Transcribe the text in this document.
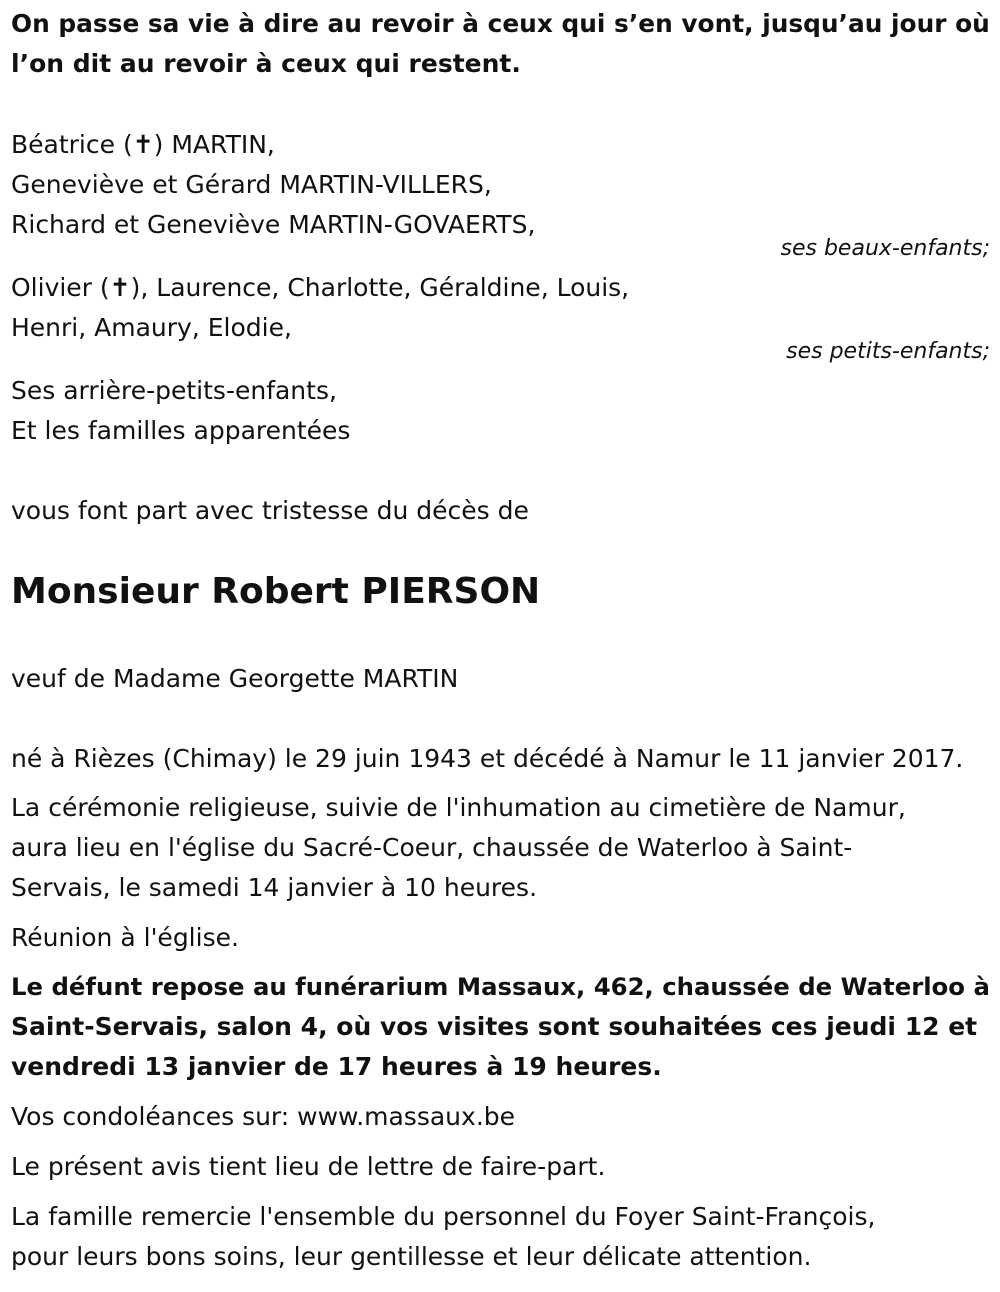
On passe sa vie à dire au revoir à ceux qui s’en vont, jusqu’au jour où
l’on dit au revoir à ceux qui restent.
Béatrice (✝) MARTIN,
Geneviève et Gérard MARTIN-VILLERS,
Richard et Geneviève MARTIN-GOVAERTS,
ses beaux-enfants;
Olivier (✝), Laurence, Charlotte, Géraldine, Louis,
Henri, Amaury, Elodie,
ses petits-enfants;
Ses arrière-petits-enfants,
Et les familles apparentées
vous font part avec tristesse du décès de
Monsieur Robert PIERSON
veuf de Madame Georgette MARTIN
né à Rièzes (Chimay) le 29 juin 1943 et décédé à Namur le 11 janvier 2017.
La cérémonie religieuse, suivie de l'inhumation au cimetière de Namur,
aura lieu en l'église du Sacré-Coeur, chaussée de Waterloo à Saint-
Servais, le samedi 14 janvier à 10 heures.
Réunion à l'église.
Le défunt repose au funérarium Massaux, 462, chaussée de Waterloo à
Saint-Servais, salon 4, où vos visites sont souhaitées ces jeudi 12 et
vendredi 13 janvier de 17 heures à 19 heures.
Vos condoléances sur: www.massaux.be
Le présent avis tient lieu de lettre de faire-part.
La famille remercie l'ensemble du personnel du Foyer Saint-François,
pour leurs bons soins, leur gentillesse et leur délicate attention.
